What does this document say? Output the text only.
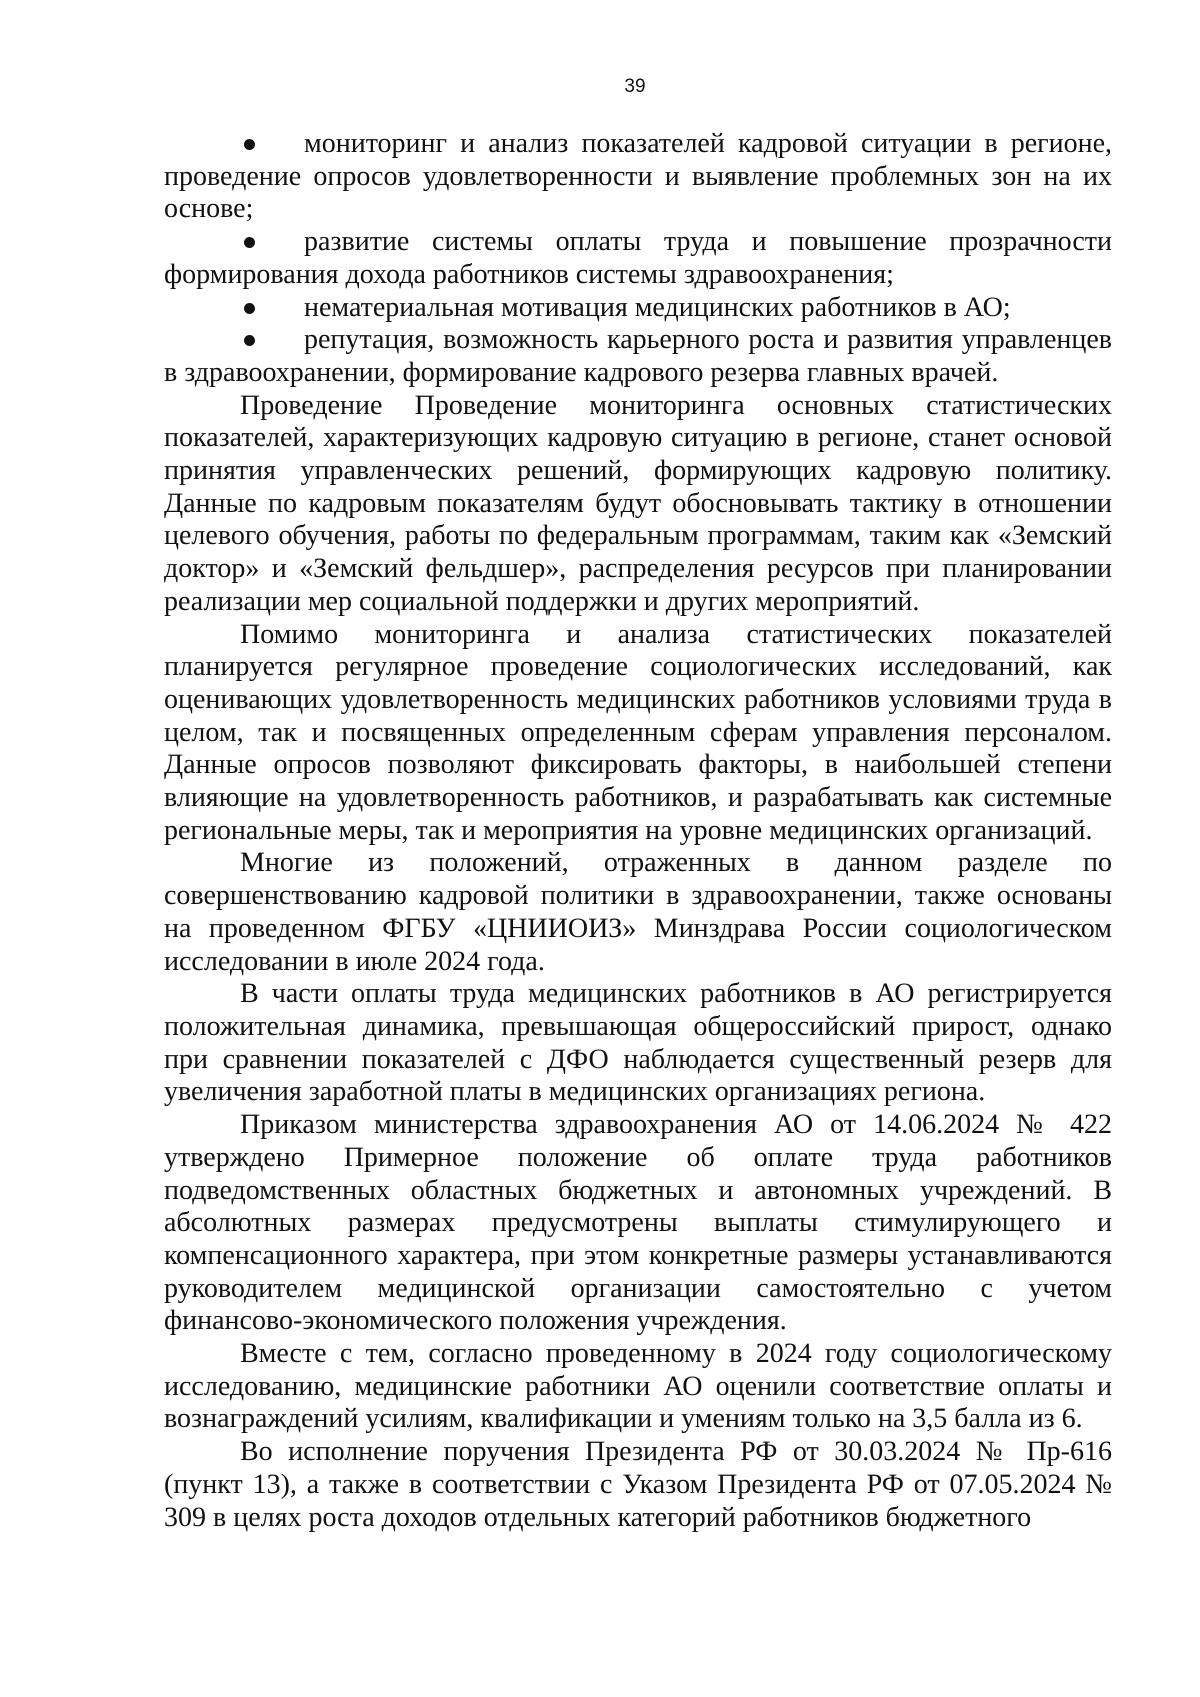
39

мониторинг и анализ показателей кадровой ситуации в регионе, проведение опросов удовлетворенности и выявление проблемных зон на их основе;

развитие системы оплаты труда и повышение прозрачности формирования дохода работников системы здравоохранения;

нематериальная мотивация медицинских работников в АО;

репутация, возможность карьерного роста и развития управленцев в здравоохранении, формирование кадрового резерва главных врачей.

Проведение Проведение мониторинга основных статистических показателей, характеризующих кадровую ситуацию в регионе, станет основой принятия управленческих решений, формирующих кадровую политику. Данные по кадровым показателям будут обосновывать тактику в отношении целевого обучения, работы по федеральным программам, таким как «Земский доктор» и «Земский фельдшер», распределения ресурсов при планировании реализации мер социальной поддержки и других мероприятий.

Помимо мониторинга и анализа статистических показателей планируется регулярное проведение социологических исследований, как оценивающих удовлетворенность медицинских работников условиями труда в целом, так и посвященных определенным сферам управления персоналом. Данные опросов позволяют фиксировать факторы, в наибольшей степени влияющие на удовлетворенность работников, и разрабатывать как системные региональные меры, так и мероприятия на уровне медицинских организаций.

Многие из положений, отраженных в данном разделе по совершенствованию кадровой политики в здравоохранении, также основаны на проведенном ФГБУ «ЦНИИОИЗ» Минздрава России социологическом исследовании в июле 2024 года.

В части оплаты труда медицинских работников в АО регистрируется положительная динамика, превышающая общероссийский прирост, однако при сравнении показателей с ДФО наблюдается существенный резерв для увеличения заработной платы в медицинских организациях региона.

Приказом министерства здравоохранения АО от 14.06.2024 № 422 утверждено Примерное положение об оплате труда работников подведомственных областных бюджетных и автономных учреждений. В абсолютных размерах предусмотрены выплаты стимулирующего и компенсационного характера, при этом конкретные размеры устанавливаются руководителем медицинской организации самостоятельно с учетом финансово-экономического положения учреждения.

Вместе с тем, согласно проведенному в 2024 году социологическому исследованию, медицинские работники АО оценили соответствие оплаты и вознаграждений усилиям, квалификации и умениям только на 3,5 балла из 6.

Во исполнение поручения Президента РФ от 30.03.2024 № Пр-616 (пункт 13), а также в соответствии с Указом Президента РФ от 07.05.2024 № 309 в целях роста доходов отдельных категорий работников бюджетного
